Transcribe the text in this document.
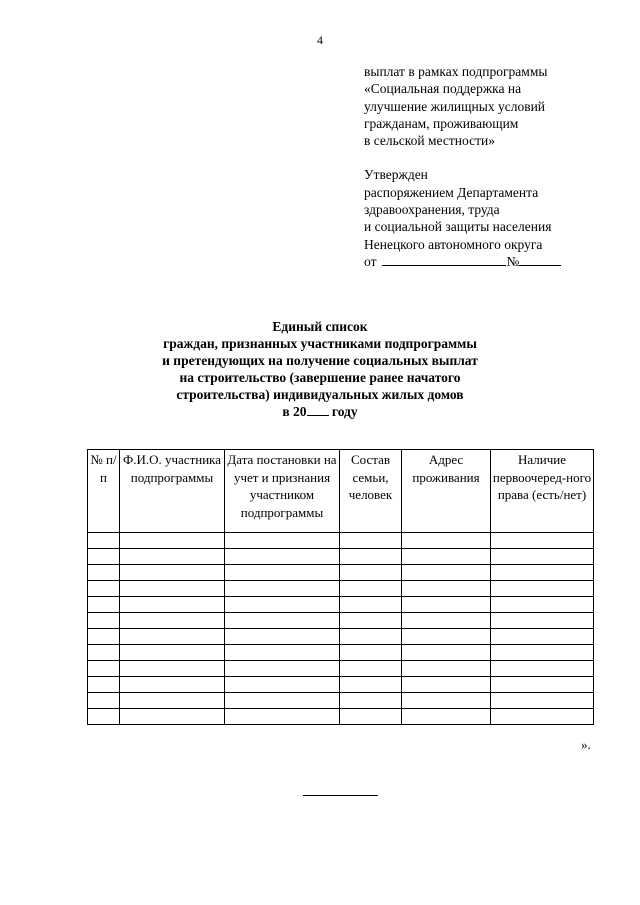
4
выплат в рамках подпрограммы
«Социальная поддержка на
улучшение жилищных условий
гражданам, проживающим
в сельской местности»
Утвержден
распоряжением Департамента
здравоохранения, труда
и социальной защиты населения
Ненецкого автономного округа
от	№
Единый список
граждан, признанных участниками подпрограммы
и претендующих на получение социальных выплат
на строительство (завершение ранее начатого
строительства) индивидуальных жилых домов
в 20 году
№ п/п	Ф.И.О. участника подпрограммы	Дата постановки на учет и признания участником подпрограммы	Состав семьи, человек	Адрес проживания	Наличие первоочеред-ного права (есть/нет)

».
